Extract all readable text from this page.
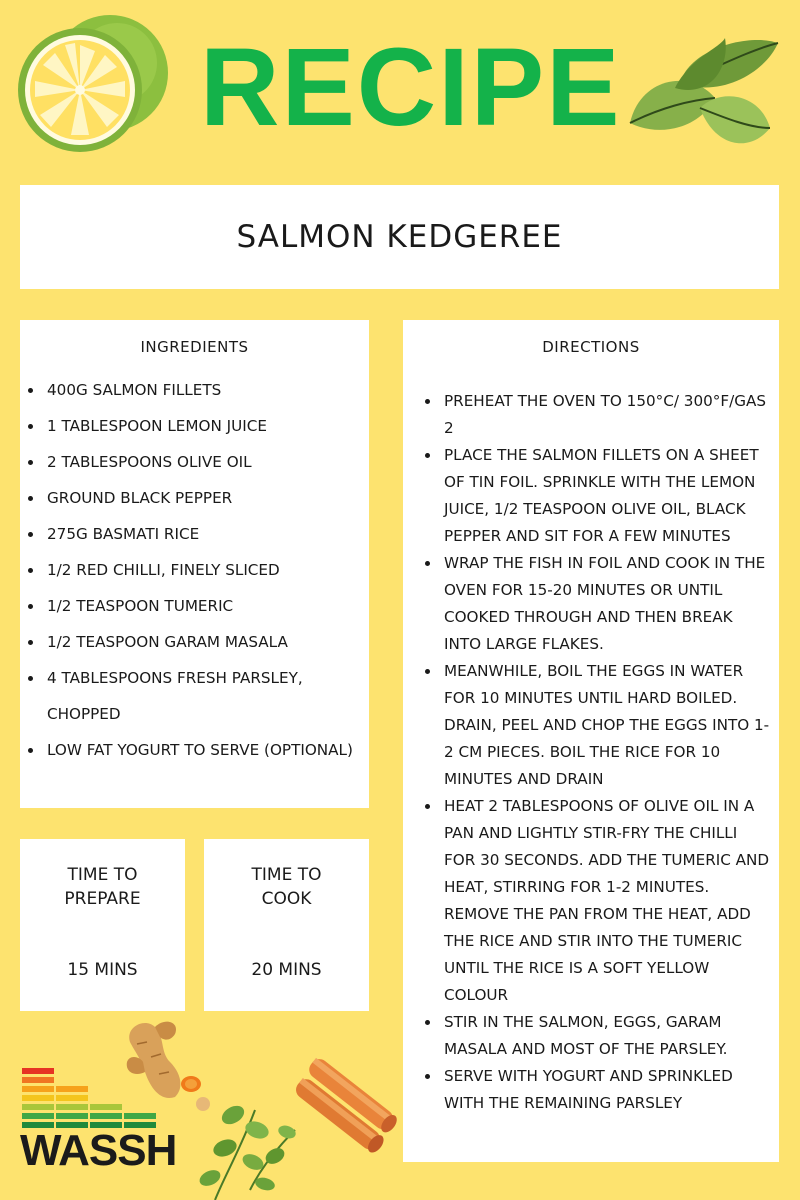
RECIPE
SALMON KEDGEREE
INGREDIENTS
400G SALMON FILLETS
1 TABLESPOON LEMON JUICE
2 TABLESPOONS OLIVE OIL
GROUND BLACK PEPPER
275G BASMATI RICE
1/2 RED CHILLI, FINELY SLICED
1/2 TEASPOON TUMERIC
1/2 TEASPOON GARAM MASALA
4 TABLESPOONS FRESH PARSLEY, CHOPPED
LOW FAT YOGURT TO SERVE (OPTIONAL)
DIRECTIONS
PREHEAT THE OVEN TO 150°C/ 300°F/GAS 2
PLACE THE SALMON FILLETS ON A SHEET OF TIN FOIL. SPRINKLE WITH THE LEMON JUICE, 1/2 TEASPOON OLIVE OIL, BLACK PEPPER AND SIT FOR A FEW MINUTES
WRAP THE FISH IN FOIL AND COOK IN THE OVEN FOR 15-20 MINUTES OR UNTIL COOKED THROUGH AND THEN BREAK INTO LARGE FLAKES.
MEANWHILE, BOIL THE EGGS IN WATER FOR 10 MINUTES UNTIL HARD BOILED. DRAIN, PEEL AND CHOP THE EGGS INTO 1-2 CM PIECES. BOIL THE RICE FOR 10 MINUTES AND DRAIN
HEAT 2 TABLESPOONS OF OLIVE OIL IN A PAN AND LIGHTLY STIR-FRY THE CHILLI FOR 30 SECONDS. ADD THE TUMERIC AND HEAT, STIRRING FOR 1-2 MINUTES. REMOVE THE PAN FROM THE HEAT, ADD THE RICE AND STIR INTO THE TUMERIC UNTIL THE RICE IS A SOFT YELLOW COLOUR
STIR IN THE SALMON, EGGS, GARAM MASALA AND MOST OF THE PARSLEY.
SERVE WITH YOGURT AND SPRINKLED WITH THE REMAINING PARSLEY
TIME TO
PREPARE
15 MINS
TIME TO
COOK
20 MINS
WASSH
